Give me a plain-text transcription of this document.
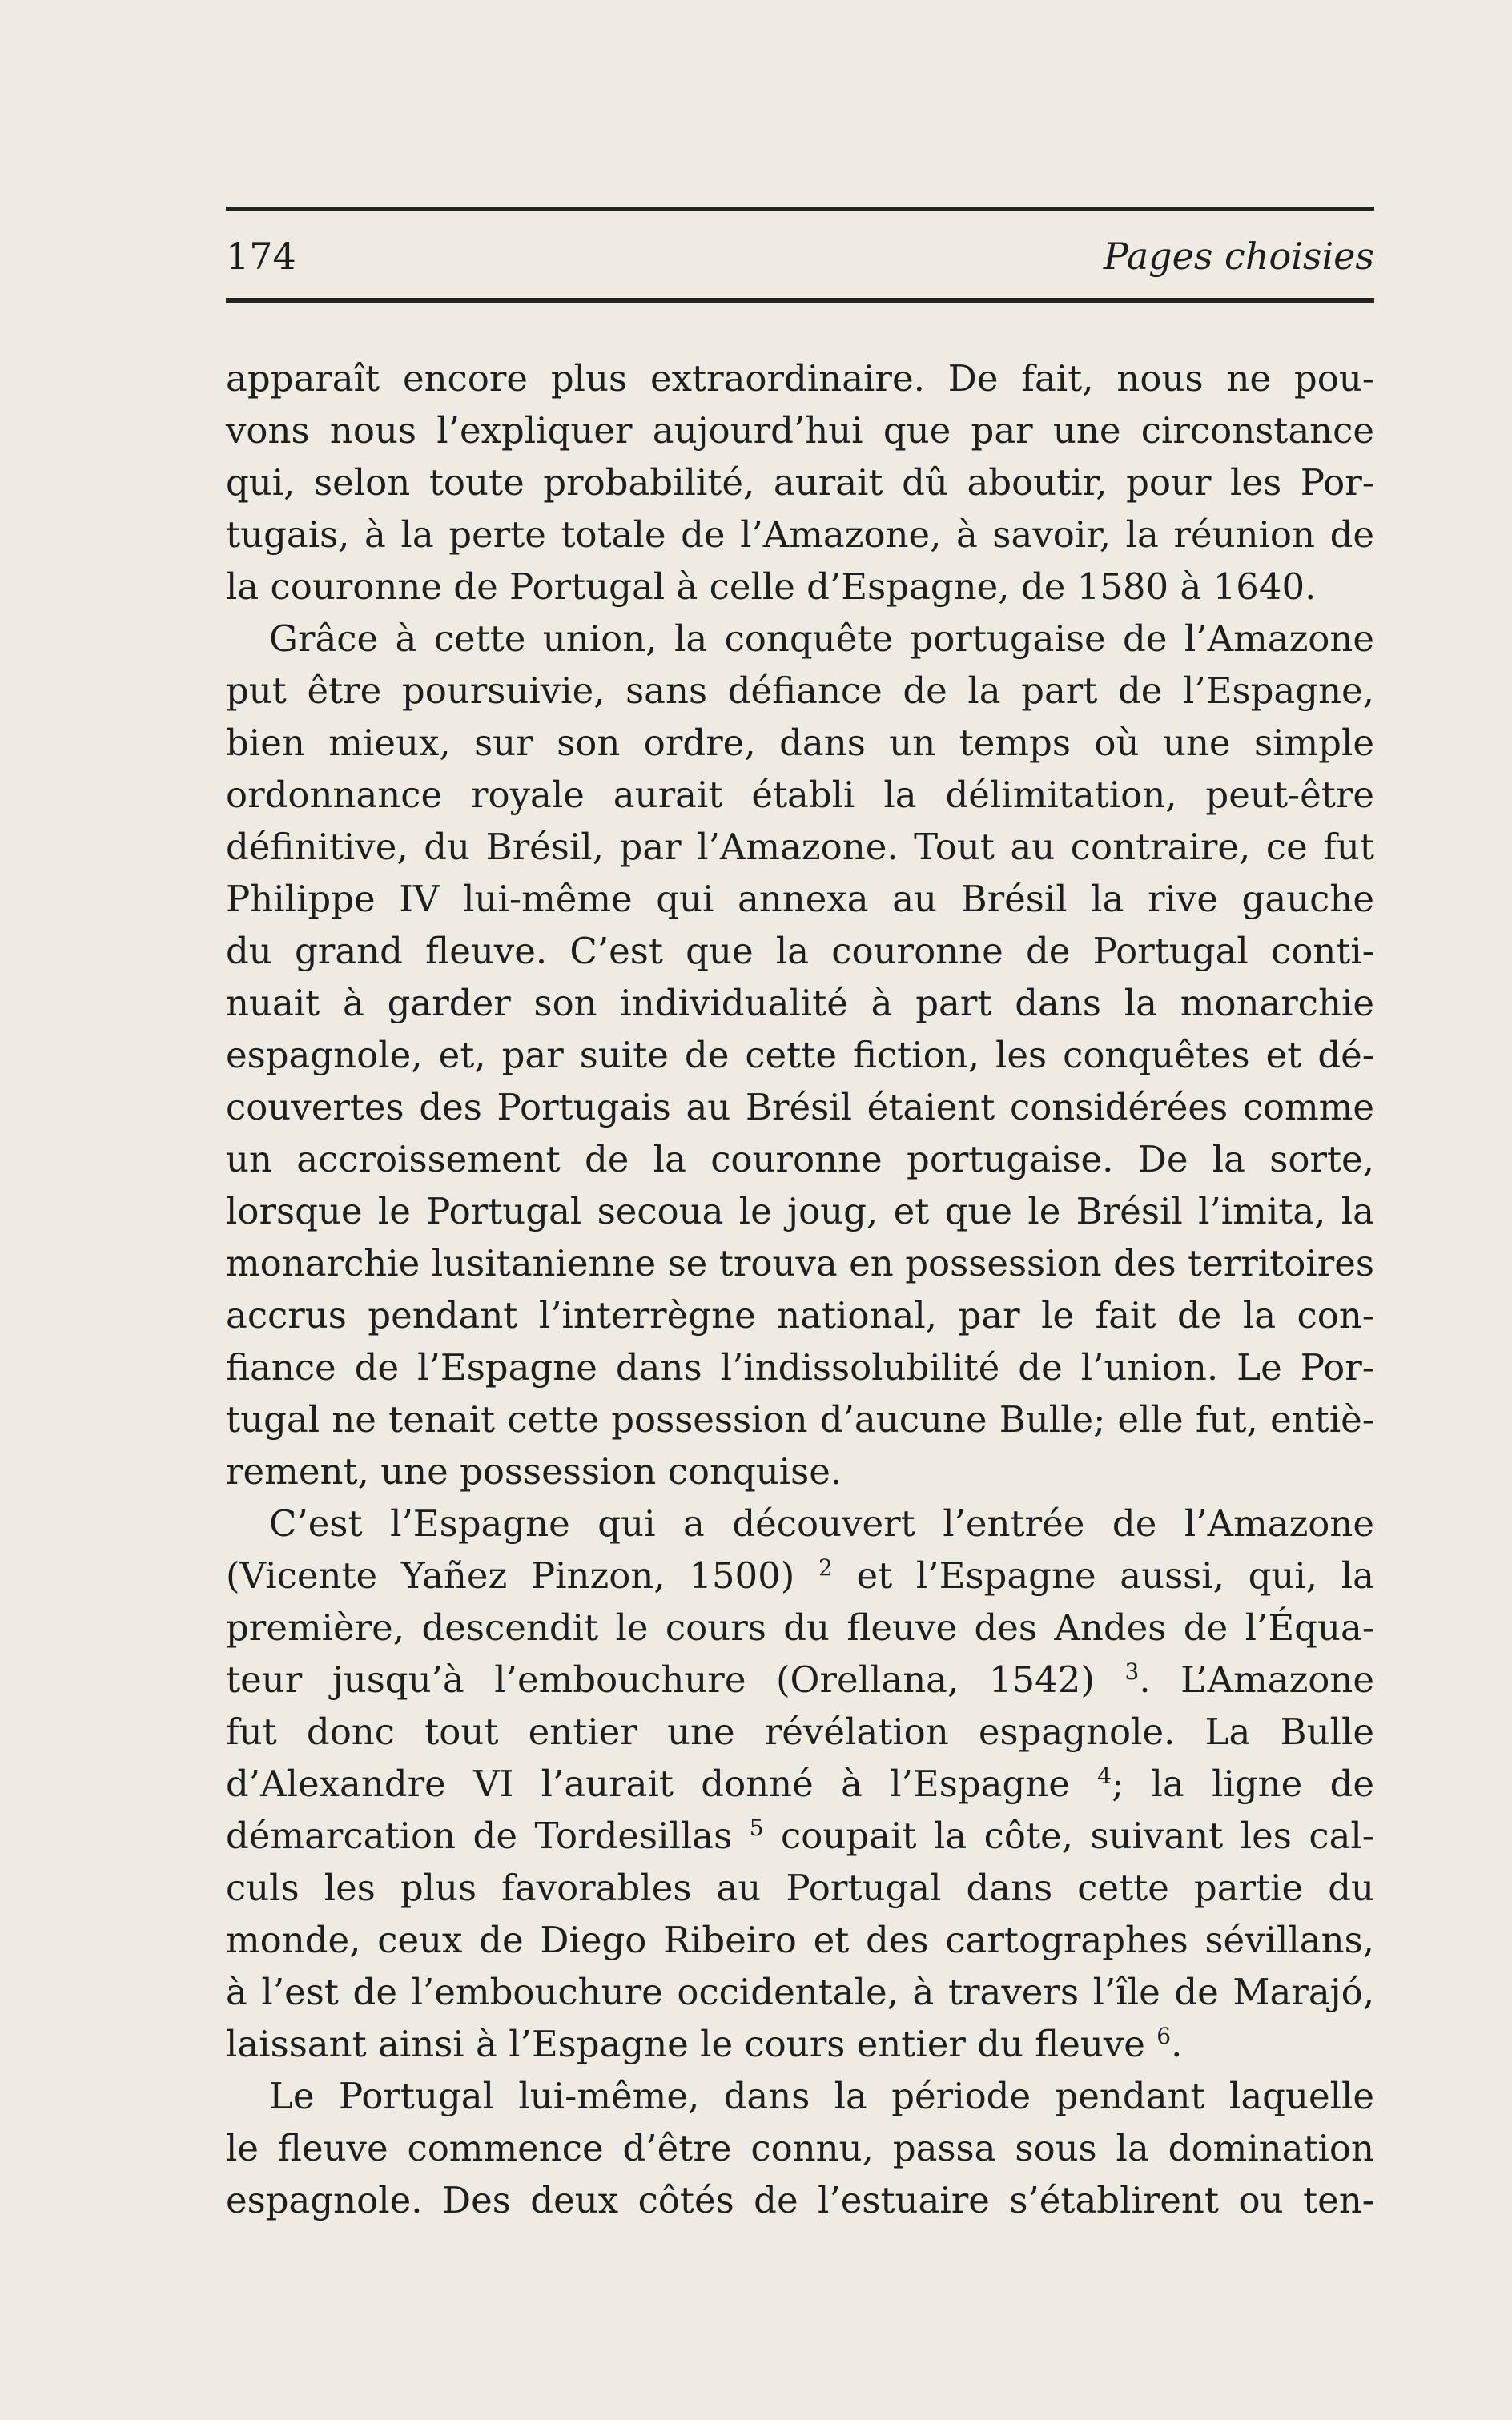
174	Pages choisies
apparaît encore plus extraordinaire. De fait, nous ne pou-
vons nous l’expliquer aujourd’hui que par une circonstance
qui, selon toute probabilité, aurait dû aboutir, pour les Por-
tugais, à la perte totale de l’Amazone, à savoir, la réunion de
la couronne de Portugal à celle d’Espagne, de 1580 à 1640.
Grâce à cette union, la conquête portugaise de l’Amazone
put être poursuivie, sans défiance de la part de l’Espagne,
bien mieux, sur son ordre, dans un temps où une simple
ordonnance royale aurait établi la délimitation, peut-être
définitive, du Brésil, par l’Amazone. Tout au contraire, ce fut
Philippe IV lui-même qui annexa au Brésil la rive gauche
du grand fleuve. C’est que la couronne de Portugal conti-
nuait à garder son individualité à part dans la monarchie
espagnole, et, par suite de cette fiction, les conquêtes et dé-
couvertes des Portugais au Brésil étaient considérées comme
un accroissement de la couronne portugaise. De la sorte,
lorsque le Portugal secoua le joug, et que le Brésil l’imita, la
monarchie lusitanienne se trouva en possession des territoires
accrus pendant l’interrègne national, par le fait de la con-
fiance de l’Espagne dans l’indissolubilité de l’union. Le Por-
tugal ne tenait cette possession d’aucune Bulle; elle fut, entiè-
rement, une possession conquise.
C’est l’Espagne qui a découvert l’entrée de l’Amazone
(Vicente Yañez Pinzon, 1500) $^2$ et l’Espagne aussi, qui, la
première, descendit le cours du fleuve des Andes de l’Équa-
teur jusqu’à l’embouchure (Orellana, 1542) $^3$. L’Amazone
fut donc tout entier une révélation espagnole. La Bulle
d’Alexandre VI l’aurait donné à l’Espagne $^4$; la ligne de
démarcation de Tordesillas $^5$ coupait la côte, suivant les cal-
culs les plus favorables au Portugal dans cette partie du
monde, ceux de Diego Ribeiro et des cartographes sévillans,
à l’est de l’embouchure occidentale, à travers l’île de Marajó,
laissant ainsi à l’Espagne le cours entier du fleuve $^6$.
Le Portugal lui-même, dans la période pendant laquelle
le fleuve commence d’être connu, passa sous la domination
espagnole. Des deux côtés de l’estuaire s’établirent ou ten-
